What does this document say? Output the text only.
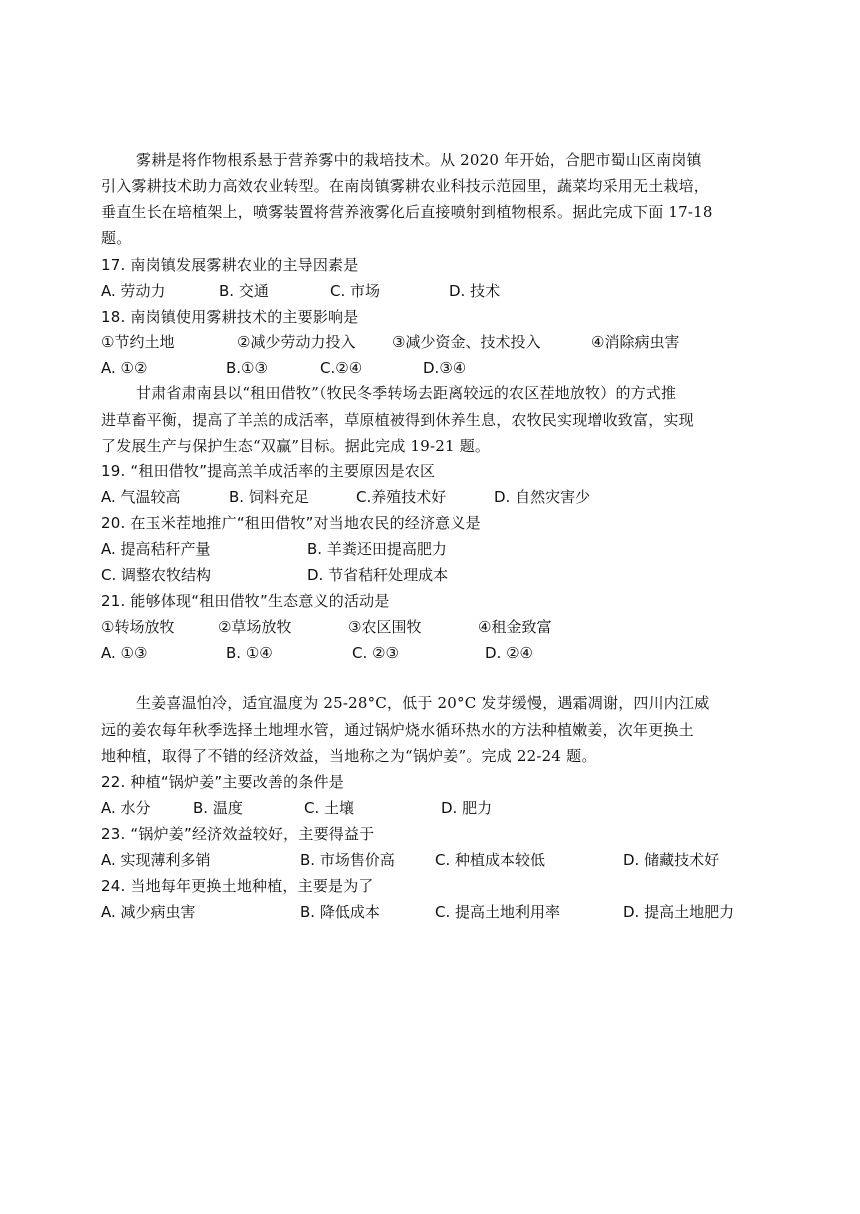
雾耕是将作物根系悬于营养雾中的栽培技术。从 2020 年开始，合肥市蜀山区南岗镇
引入雾耕技术助力高效农业转型。在南岗镇雾耕农业科技示范园里，蔬菜均采用无土栽培，
垂直生长在培植架上，喷雾装置将营养液雾化后直接喷射到植物根系。据此完成下面 17-18
题。
17. 南岗镇发展雾耕农业的主导因素是
A. 劳动力	B. 交通	C. 市场	D. 技术
18. 南岗镇使用雾耕技术的主要影响是
①节约土地	②减少劳动力投入 ③减少资金、技术投入	④消除病虫害
A. ①②	B.①③	C.②④	D.③④
甘肃省肃南县以“租田借牧”（牧民冬季转场去距离较远的农区茬地放牧）的方式推
进草畜平衡，提高了羊羔的成活率，草原植被得到休养生息，农牧民实现增收致富，实现
了发展生产与保护生态“双赢”目标。据此完成 19-21 题。
19. “租田借牧”提高羔羊成活率的主要原因是农区
A. 气温较高	B. 饲料充足	C.养殖技术好	D. 自然灾害少
20. 在玉米茬地推广“租田借牧”对当地农民的经济意义是
A. 提高秸秆产量	B. 羊粪还田提高肥力
C. 调整农牧结构	D. 节省秸秆处理成本
21. 能够体现“租田借牧”生态意义的活动是
①转场放牧	②草场放牧	③农区围牧	④租金致富
A. ①③	B. ①④	C. ②③	D. ②④
生姜喜温怕冷，适宜温度为 25-28°C，低于 20°C 发芽缓慢，遇霜凋谢，四川内江威
远的姜农每年秋季选择土地埋水管，通过锅炉烧水循环热水的方法种植嫩姜，次年更换土
地种植，取得了不错的经济效益，当地称之为“锅炉姜”。完成 22-24 题。
22. 种植“锅炉姜”主要改善的条件是
A. 水分	B. 温度	C. 土壤	D. 肥力
23. “锅炉姜”经济效益较好，主要得益于
A. 实现薄利多销	B. 市场售价高	C. 种植成本较低	D. 储藏技术好
24. 当地每年更换土地种植，主要是为了
A. 减少病虫害	B. 降低成本	C. 提高土地利用率	D. 提高土地肥力
